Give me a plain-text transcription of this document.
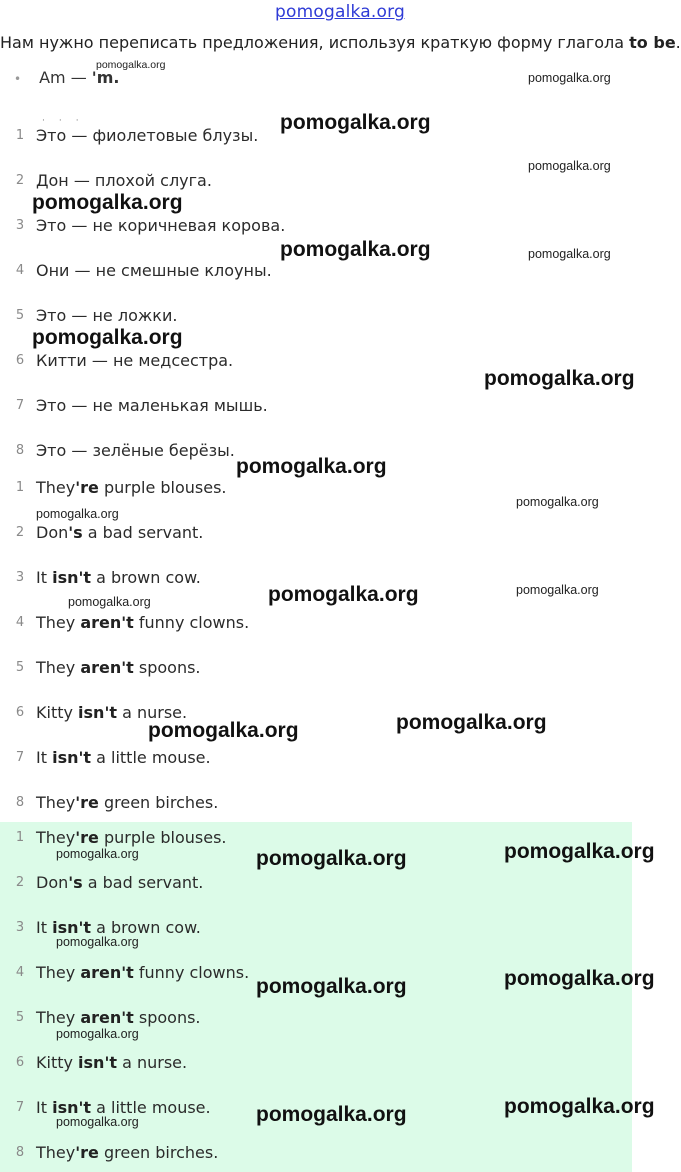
pomogalka.org
Нам нужно переписать предложения, используя краткую форму глагола to be.
• Am — 'm.
···
1 Это — фиолетовые блузы.
2 Дон — плохой слуга.
3 Это — не коричневая корова.
4 Они — не смешные клоуны.
5 Это — не ложки.
6 Китти — не медсестра.
7 Это — не маленькая мышь.
8 Это — зелёные берёзы.
1 They're purple blouses.
2 Don's a bad servant.
3 It isn't a brown cow.
4 They aren't funny clowns.
5 They aren't spoons.
6 Kitty isn't a nurse.
7 It isn't a little mouse.
8 They're green birches.
1 They're purple blouses.
2 Don's a bad servant.
3 It isn't a brown cow.
4 They aren't funny clowns.
5 They aren't spoons.
6 Kitty isn't a nurse.
7 It isn't a little mouse.
8 They're green birches.
pomogalka.org
pomogalka.org
pomogalka.org
pomogalka.org
pomogalka.org
pomogalka.org	pomogalka.org
pomogalka.org
pomogalka.org
pomogalka.org
pomogalka.org
pomogalka.org
pomogalka.org
pomogalka.org
pomogalka.org
pomogalka.org
pomogalka.org
pomogalka.org
pomogalka.org
pomogalka.org
pomogalka.org
pomogalka.org
pomogalka.org
pomogalka.org
pomogalka.org
pomogalka.org
pomogalka.org
